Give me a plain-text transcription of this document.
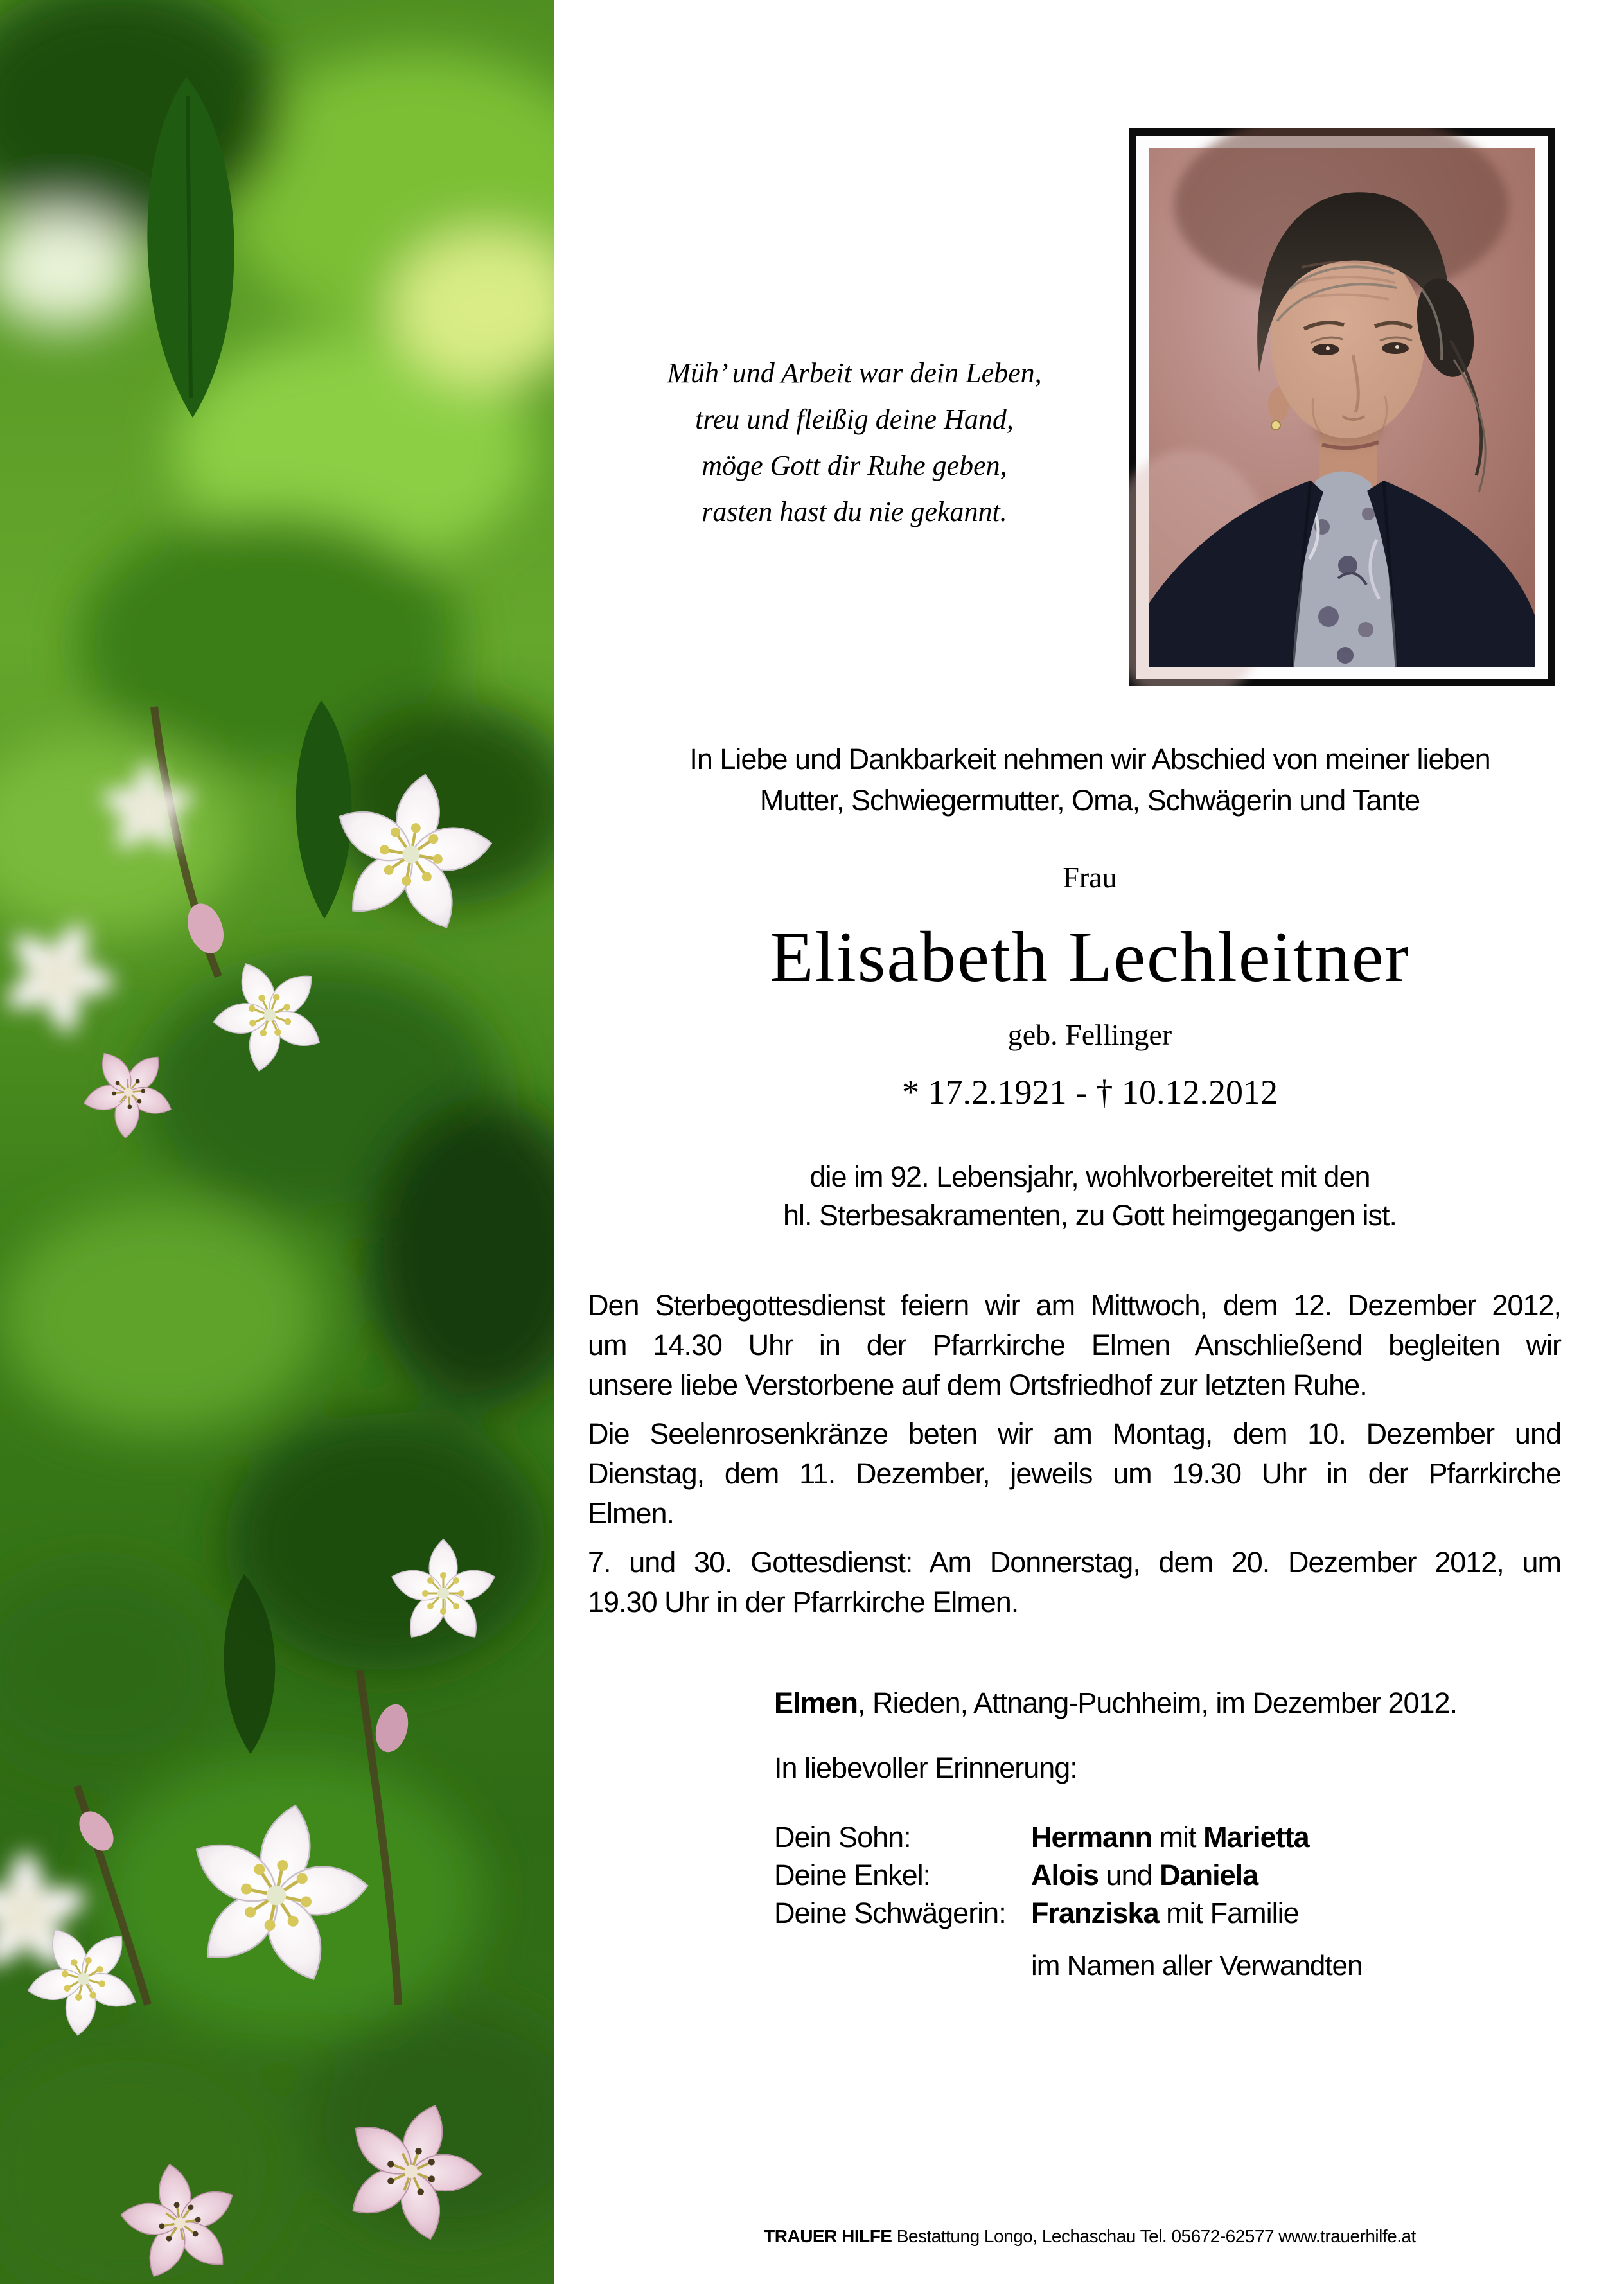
Müh’ und Arbeit war dein Leben,
treu und fleißig deine Hand,
möge Gott dir Ruhe geben,
rasten hast du nie gekannt.
In Liebe und Dankbarkeit nehmen wir Abschied von meiner lieben
Mutter, Schwiegermutter, Oma, Schwägerin und Tante
Frau
Elisabeth Lechleitner
geb. Fellinger
* 17.2.1921 - † 10.12.2012
die im 92. Lebensjahr, wohlvorbereitet mit den
hl. Sterbesakramenten, zu Gott heimgegangen ist.
Den Sterbegottesdienst feiern wir am Mittwoch, dem 12. Dezember 2012,
um 14.30 Uhr in der Pfarrkirche Elmen Anschließend begleiten wir
unsere liebe Verstorbene auf dem Ortsfriedhof zur letzten Ruhe.
Die Seelenrosenkränze beten wir am Montag, dem 10. Dezember und
Dienstag, dem 11. Dezember, jeweils um 19.30 Uhr in der Pfarrkirche
Elmen.
7. und 30. Gottesdienst: Am Donnerstag, dem 20. Dezember 2012, um
19.30 Uhr in der Pfarrkirche Elmen.
Elmen, Rieden, Attnang-Puchheim, im Dezember 2012.
In liebevoller Erinnerung:
Dein Sohn:	Hermann mit Marietta
Deine Enkel:	Alois und Daniela
Deine Schwägerin: Franziska mit Familie
im Namen aller Verwandten
TRAUER HILFE Bestattung Longo, Lechaschau Tel. 05672-62577 www.trauerhilfe.at
